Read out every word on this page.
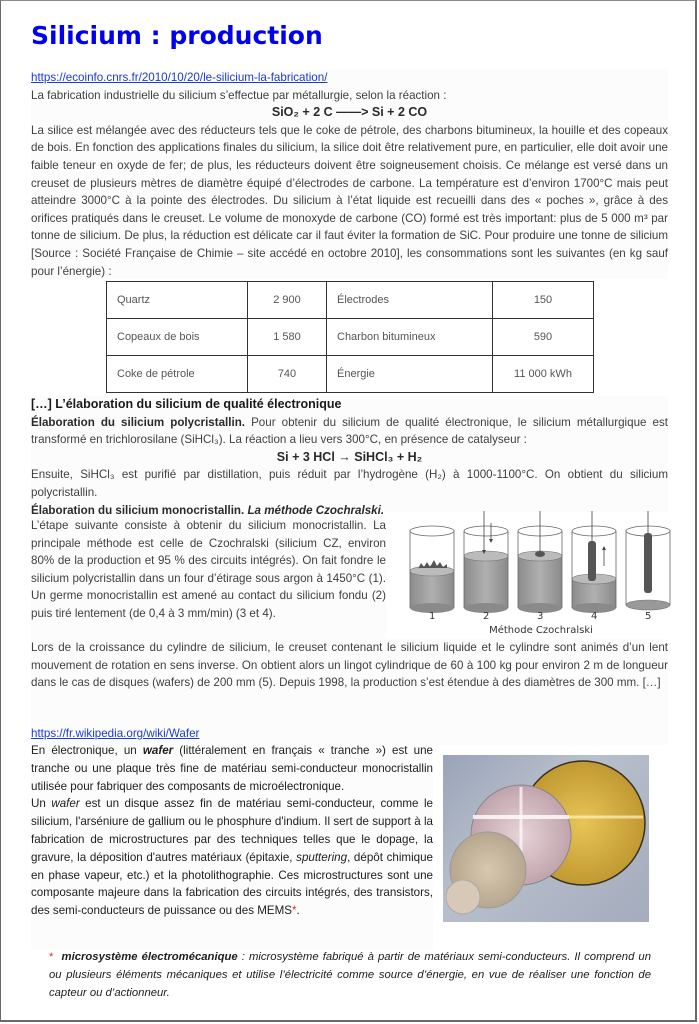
Silicium : production
https://ecoinfo.cnrs.fr/2010/10/20/le-silicium-la-fabrication/
La fabrication industrielle du silicium s’effectue par métallurgie, selon la réaction :
SiO₂ + 2 C ——> Si + 2 CO
La silice est mélangée avec des réducteurs tels que le coke de pétrole, des charbons bitumineux, la houille et des copeaux de bois. En fonction des applications finales du silicium, la silice doit être relativement pure, en particulier, elle doit avoir une faible teneur en oxyde de fer; de plus, les réducteurs doivent être soigneusement choisis. Ce mélange est versé dans un creuset de plusieurs mètres de diamètre équipé d’électrodes de carbone. La température est d’environ 1700°C mais peut atteindre 3000°C à la pointe des électrodes. Du silicium à l’état liquide est recueilli dans des « poches », grâce à des orifices pratiqués dans le creuset. Le volume de monoxyde de carbone (CO) formé est très important: plus de 5 000 m³ par tonne de silicium. De plus, la réduction est délicate car il faut éviter la formation de SiC. Pour produire une tonne de silicium [Source : Société Française de Chimie – site accédé en octobre 2010], les consommations sont les suivantes (en kg sauf pour l’énergie) :
Quartz	2 900	Électrodes	150
Copeaux de bois	1 580	Charbon bitumineux	590
Coke de pétrole	740	Énergie	11 000 kWh
[…] L’élaboration du silicium de qualité électronique
Élaboration du silicium polycristallin. Pour obtenir du silicium de qualité électronique, le silicium métallurgique est transformé en trichlorosilane (SiHCl₃). La réaction a lieu vers 300°C, en présence de catalyseur :
Si + 3 HCl → SiHCl₃ + H₂
Ensuite, SiHCl₃ est purifié par distillation, puis réduit par l’hydrogène (H₂) à 1000-1100°C. On obtient du silicium polycristallin.
Élaboration du silicium monocristallin. La méthode Czochralski.
L’étape suivante consiste à obtenir du silicium monocristallin. La principale méthode est celle de Czochralski (silicium CZ, environ 80% de la production et 95 % des circuits intégrés). On fait fondre le silicium polycristallin dans un four d’étirage sous argon à 1450°C (1). Un germe monocristallin est amené au contact du silicium fondu (2) puis tiré lentement (de 0,4 à 3 mm/min) (3 et 4).	1	2	3	4	5
Méthode Czochralski
Lors de la croissance du cylindre de silicium, le creuset contenant le silicium liquide et le cylindre sont animés d’un lent mouvement de rotation en sens inverse. On obtient alors un lingot cylindrique de 60 à 100 kg pour environ 2 m de longueur dans le cas de disques (wafers) de 200 mm (5). Depuis 1998, la production s’est étendue à des diamètres de 300 mm. […]
https://fr.wikipedia.org/wiki/Wafer
En électronique, un wafer (littéralement en français « tranche ») est une tranche ou une plaque très fine de matériau semi-conducteur monocristallin utilisée pour fabriquer des composants de microélectronique.
Un wafer est un disque assez fin de matériau semi-conducteur, comme le silicium, l'arséniure de gallium ou le phosphure d'indium. Il sert de support à la fabrication de microstructures par des techniques telles que le dopage, la gravure, la déposition d'autres matériaux (épitaxie, sputtering, dépôt chimique en phase vapeur, etc.) et la photolithographie. Ces microstructures sont une composante majeure dans la fabrication des circuits intégrés, des transistors, des semi-conducteurs de puissance ou des MEMS*.
* microsystème électromécanique : microsystème fabriqué à partir de matériaux semi-conducteurs. Il comprend un ou plusieurs éléments mécaniques et utilise l’électricité comme source d’énergie, en vue de réaliser une fonction de capteur ou d’actionneur.
